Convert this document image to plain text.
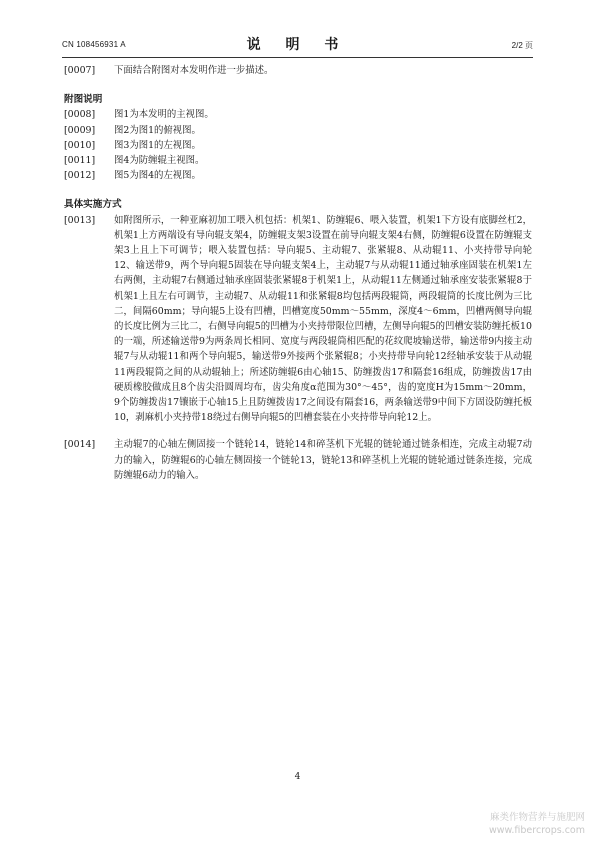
CN 108456931 A	说 明 书	2/2 页
[0007] 下面结合附图对本发明作进一步描述。
附图说明
[0008] 图1为本发明的主视图。
[0009] 图2为图1的俯视图。
[0010] 图3为图1的左视图。
[0011] 图4为防缠辊主视图。
[0012] 图5为图4的左视图。
具体实施方式
[0013] 如附图所示，一种亚麻初加工喂入机包括：机架1、防缠辊6、喂入装置，机架1下方设有底脚丝杠2，机架1上方两端设有导向辊支架4，防缠辊支架3设置在前导向辊支架4右侧，防缠辊6设置在防缠辊支架3上且上下可调节；喂入装置包括：导向辊5、主动辊7、张紧辊8、从动辊11、小夹持带导向轮12、输送带9，两个导向辊5固装在导向辊支架4上，主动辊7与从动辊11通过轴承座固装在机架1左右两侧，主动辊7右侧通过轴承座固装张紧辊8于机架1上，从动辊11左侧通过轴承座安装张紧辊8于机架1上且左右可调节，主动辊7、从动辊11和张紧辊8均包括两段辊筒，两段辊筒的长度比例为三比二，间隔60mm；导向辊5上设有凹槽，凹槽宽度50mm～55mm，深度4～6mm，凹槽两侧导向辊的长度比例为三比二，右侧导向辊5的凹槽为小夹持带限位凹槽，左侧导向辊5的凹槽安装防缠托板10的一端，所述输送带9为两条周长相同、宽度与两段辊筒相匹配的花纹爬坡输送带，输送带9内接主动辊7与从动辊11和两个导向辊5，输送带9外接两个张紧辊8；小夹持带导向轮12经轴承安装于从动辊11两段辊筒之间的从动辊轴上；所述防缠辊6由心轴15、防缠拨齿17和隔套16组成，防缠拨齿17由硬质橡胶做成且8个齿尖沿圆周均布，齿尖角度α范围为30°～45°，齿的宽度H为15mm～20mm，9个防缠拨齿17镶嵌于心轴15上且防缠拨齿17之间设有隔套16，两条输送带9中间下方固设防缠托板10，剥麻机小夹持带18绕过右侧导向辊5的凹槽套装在小夹持带导向轮12上。
[0014] 主动辊7的心轴左侧固接一个链轮14，链轮14和碎茎机下光辊的链轮通过链条相连，完成主动辊7动力的输入，防缠辊6的心轴左侧固接一个链轮13，链轮13和碎茎机上光辊的链轮通过链条连接，完成防缠辊6动力的输入。
4
麻类作物营养与施肥网
www.fibercrops.com
